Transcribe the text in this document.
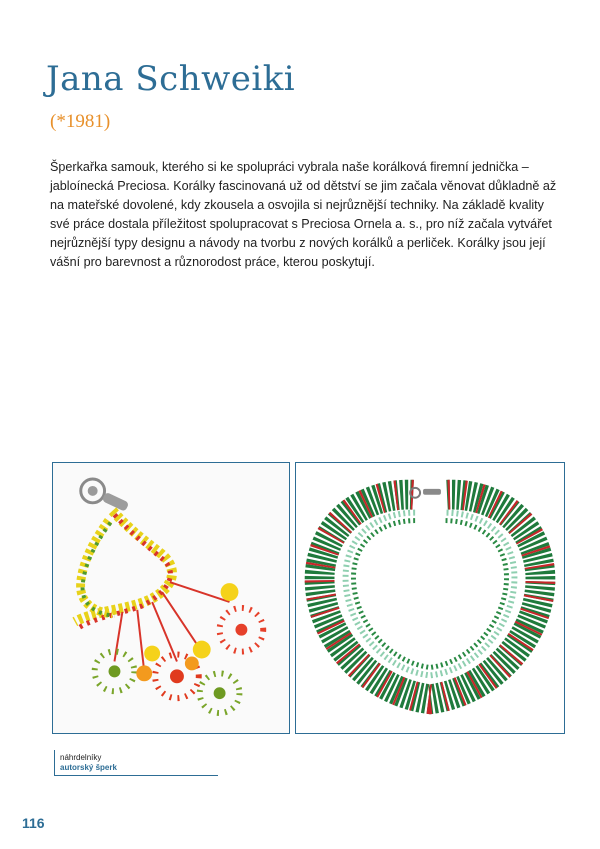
Jana Schweiki
(*1981)

Šperkařka samouk, kterého si ke spolupráci vybrala naše korálková firemní jednička – jabloínecká Preciosa. Korálky fascinovaná už od dětství se jim začala věnovat důkladně až na mateřské dovolené, kdy zkousela a osvojila si nejrůznější techniky. Na základě kvality své práce dostala příležitost spolupracovat s Preciosa Ornela a. s., pro níž začala vytvářet nejrůznější typy designu a návody na tvorbu z nových korálků a perliček. Korálky jsou její vášní pro barevnost a různorodost práce, kterou poskytují.

náhrdelníky
autorský šperk
116
